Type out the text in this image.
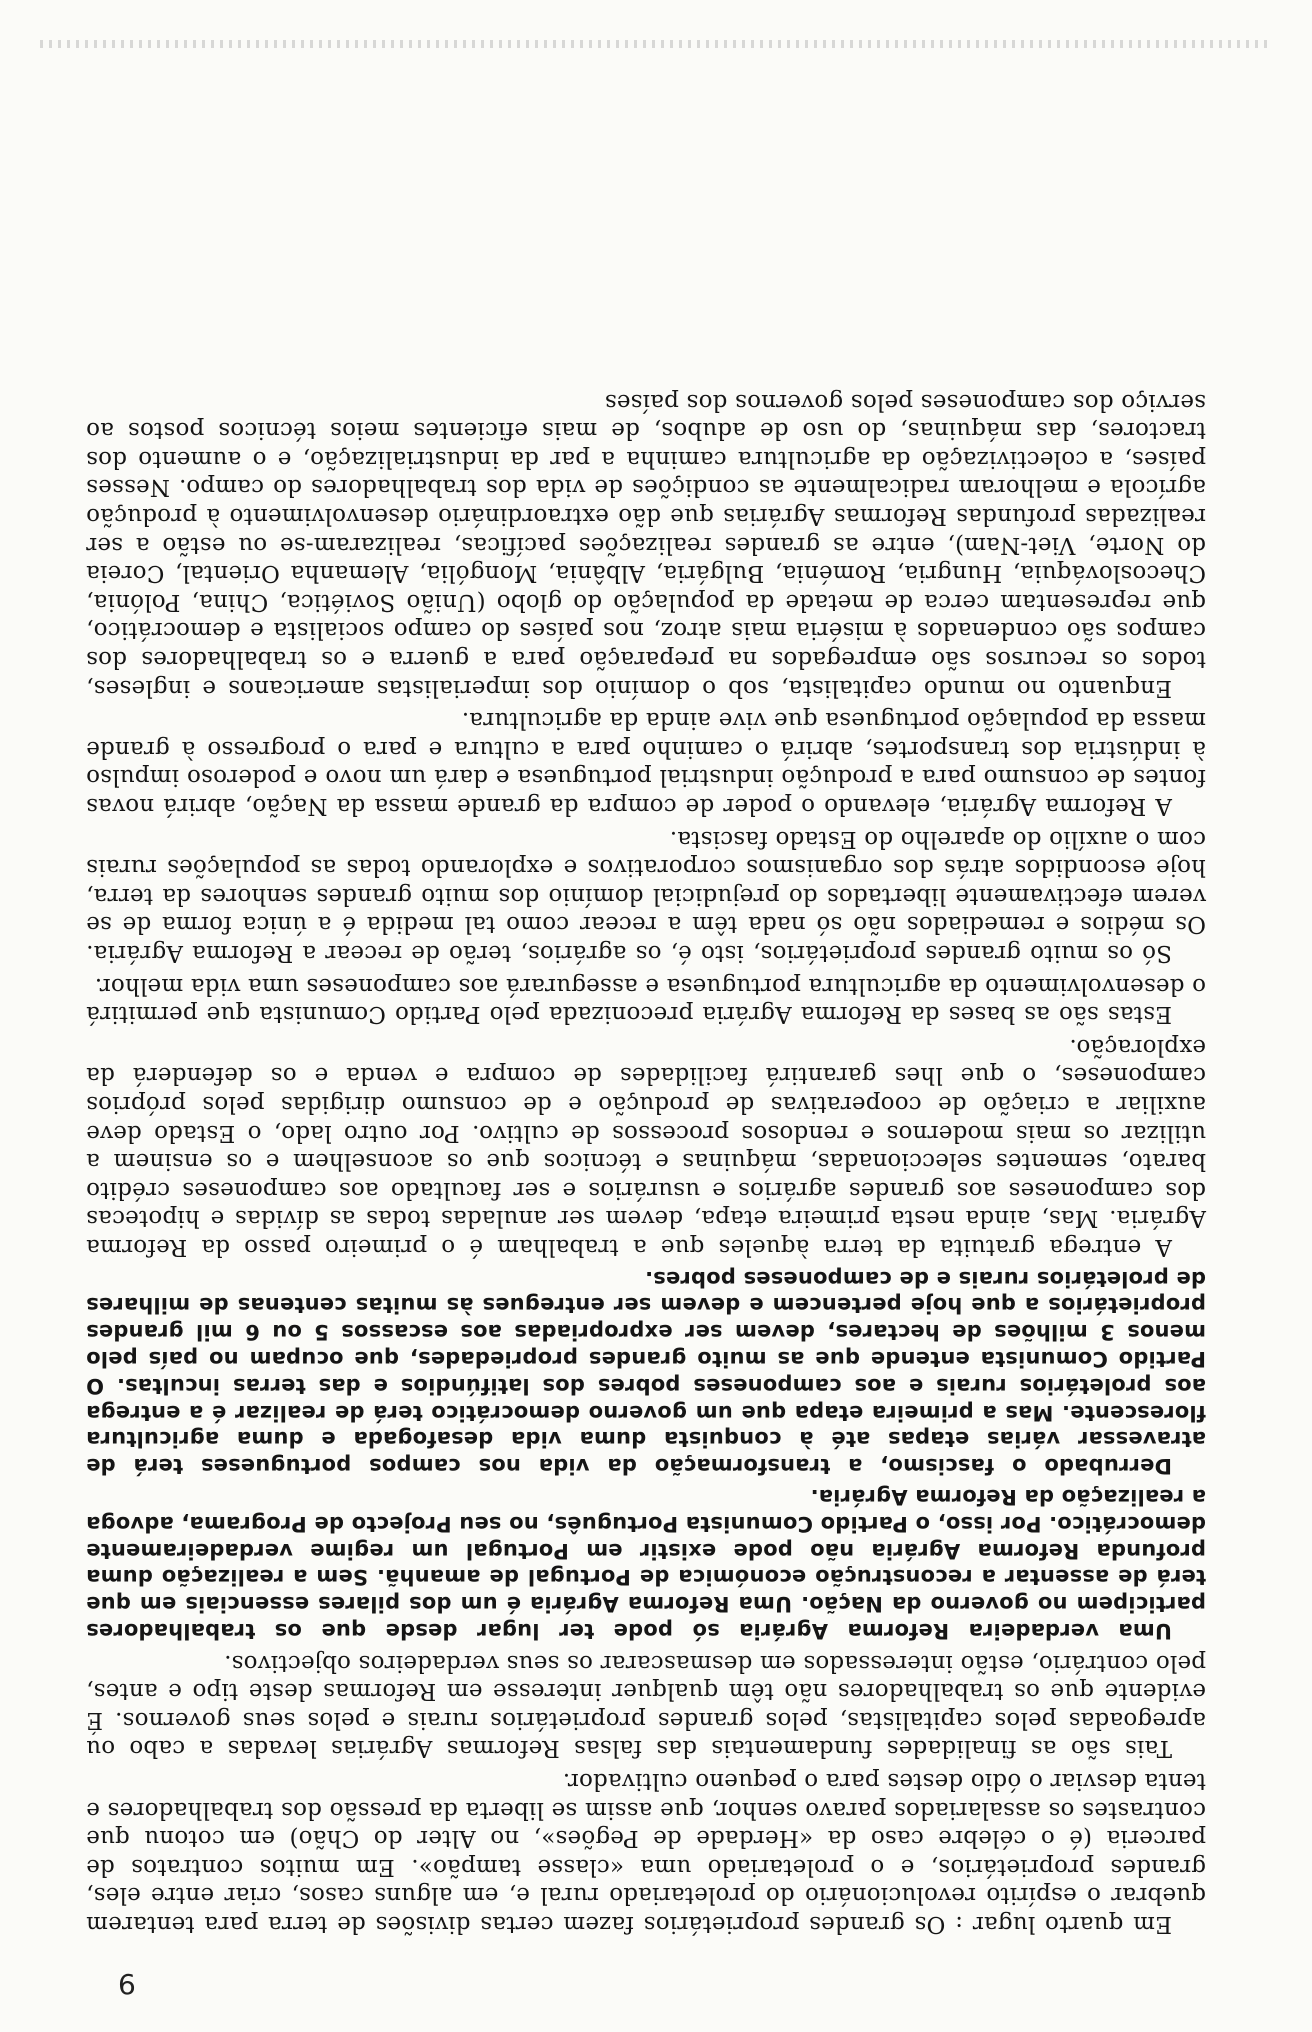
Em quarto lugar : Os grandes proprietários fazem certas divisões de terra para tentarem quebrar o espírito revolucionário do proletariado rural e, em alguns casos, criar entre eles, grandes proprietários, e o proletariado uma «classe tampão». Em muitos contratos de parceria (é o célebre caso da «Herdade de Pegões», no Alter do Chão) em cotonu que contrastes os assalariados paravo senhor, que assim se liberta da pressão dos trabalhadores e tenta desviar o ódio destes para o pequeno cultivador.

Tais são as finalidades fundamentais das falsas Reformas Agrárias levadas a cabo ou apregoadas pelos capitalistas, pelos grandes proprietários rurais e pelos seus governos. É evidente que os trabalhadores não têm qualquer interesse em Reformas deste tipo e antes, pelo contrário, estão interessados em desmascarar os seus verdadeiros objectivos.

Uma verdadeira Reforma Agrária só pode ter lugar desde que os trabalhadores participem no governo da Nação. Uma Reforma Agrária é um dos pilares essenciais em que terá de assentar a reconstrução económica de Portugal de amanhã. Sem a realização duma profunda Reforma Agrária não pode existir em Portugal um regime verdadeiramente democrático. Por isso, o Partido Comunista Português, no seu Projecto de Programa, advoga a realização da Reforma Agrária.

Derrubado o fascismo, a transformação da vida nos campos portugueses terá de atravessar várias etapas até à conquista duma vida desafogada e duma agricultura florescente. Mas a primeira etapa que um governo democrático terá de realizar é a entrega aos proletários rurais e aos camponeses pobres dos latifúndios e das terras incultas. O Partido Comunista entende que as muito grandes propriedades, que ocupam no país pelo menos 3 milhões de hectares, devem ser expropriadas aos escassos 5 ou 6 mil grandes proprietários a que hoje pertencem e devem ser entregues às muitas centenas de milhares de proletários rurais e de camponeses pobres.

A entrega gratuita da terra àqueles que a trabalham é o primeiro passo da Reforma Agrária. Mas, ainda nesta primeira etapa, devem ser anuladas todas as dívidas e hipotecas dos camponeses aos grandes agrários e usurários e ser facultado aos camponeses crédito barato, sementes seleccionadas, máquinas e técnicos que os aconselhem e os ensinem a utilizar os mais modernos e rendosos processos de cultivo. Por outro lado, o Estado deve auxiliar a criação de cooperativas de produção e de consumo dirigidas pelos próprios camponeses, o que lhes garantirá facilidades de compra e venda e os defenderá da exploração.

Estas são as bases da Reforma Agrária preconizada pelo Partido Comunista que permitirá o desenvolvimento da agricultura portuguesa e assegurará aos camponeses uma vida melhor.

Só os muito grandes proprietários, isto é, os agrários, terão de recear a Reforma Agrária. Os médios e remediados não só nada têm a recear como tal medida é a única forma de se verem efectivamente libertados do prejudicial domínio dos muito grandes senhores da terra, hoje escondidos atrás dos organismos corporativos e explorando todas as populações rurais com o auxílio do aparelho do Estado fascista.

A Reforma Agrária, elevando o poder de compra da grande massa da Nação, abrirá novas fontes de consumo para a produção industrial portuguesa e dará um novo e poderoso impulso à indústria dos transportes, abrirá o caminho para a cultura e para o progresso à grande massa da população portuguesa que vive ainda da agricultura.

Enquanto no mundo capitalista, sob o domínio dos imperialistas americanos e ingleses, todos os recursos são empregados na preparação para a guerra e os trabalhadores dos campos são condenados à miséria mais atroz, nos países do campo socialista e democrático, que representam cerca de metade da população do globo (União Soviética, China, Polónia, Checoslováquia, Hungria, Roménia, Bulgária, Albânia, Mongólia, Alemanha Oriental, Coreia do Norte, Viet-Nam), entre as grandes realizações pacíficas, realizaram-se ou estão a ser realizadas profundas Reformas Agrárias que dão extraordinário desenvolvimento à produção agrícola e melhoram radicalmente as condições de vida dos trabalhadores do campo. Nesses países, a colectivização da agricultura caminha a par da industrialização, e o aumento dos tractores, das máquinas, do uso de adubos, de mais eficientes meios técnicos postos ao serviço dos camponeses pelos governos dos países

6
